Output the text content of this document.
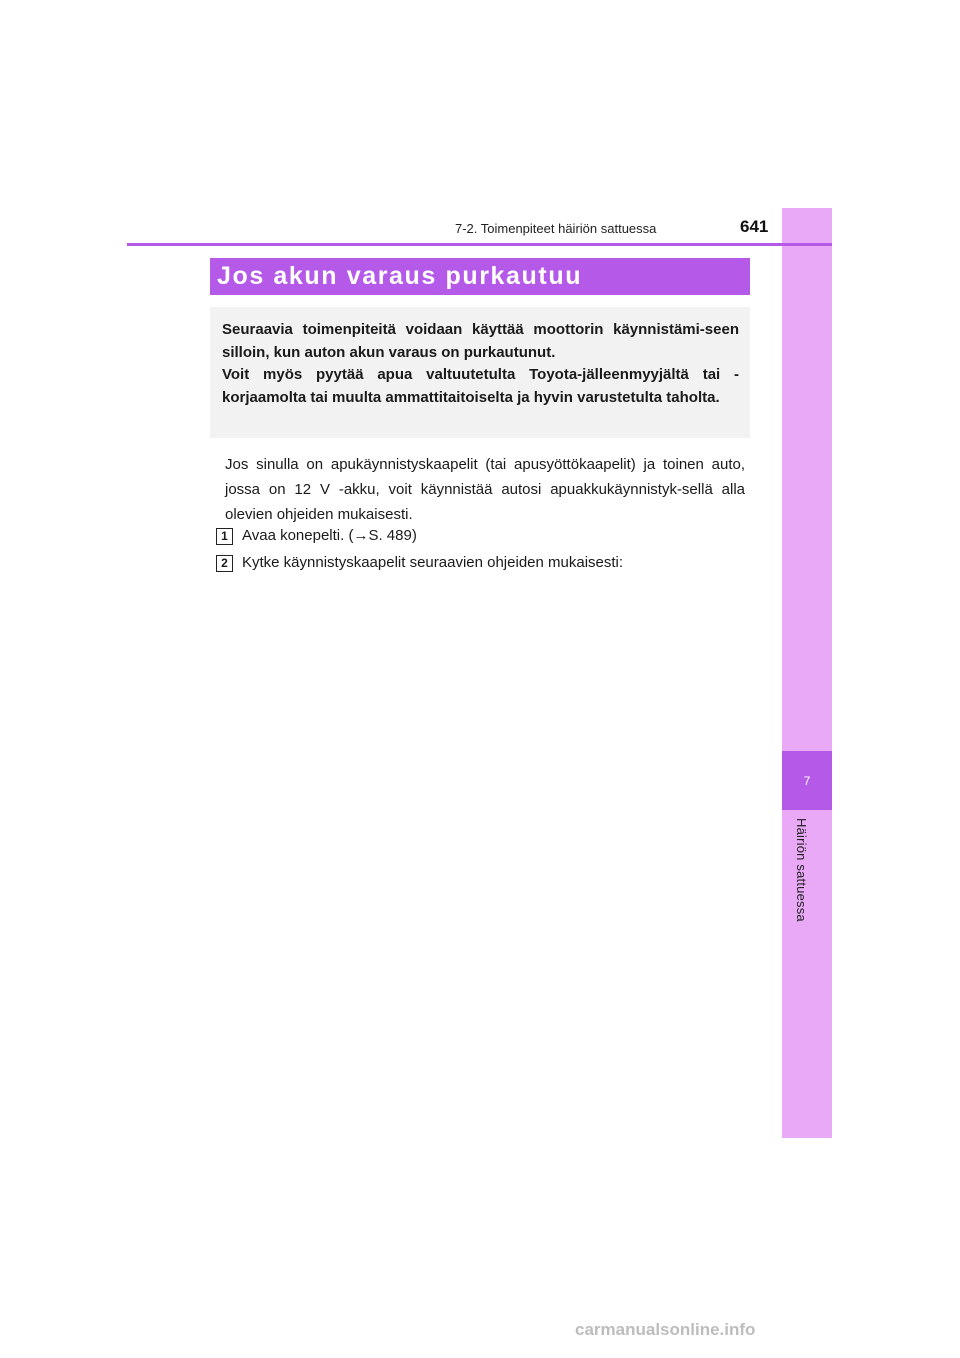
7
Häiriön sattuessa
7-2. Toimenpiteet häiriön sattuessa	641
Jos akun varaus purkautuu

Seuraavia toimenpiteitä voidaan käyttää moottorin käynnistämi-seen silloin, kun auton akun varaus on purkautunut.

Voit myös pyytää apua valtuutetulta Toyota-jälleenmyyjältä tai -korjaamolta tai muulta ammattitaitoiselta ja hyvin varustetulta taholta.

Jos sinulla on apukäynnistyskaapelit (tai apusyöttökaapelit) ja toinen auto, jossa on 12 V -akku, voit käynnistää autosi apuakkukäynnistyk-sellä alla olevien ohjeiden mukaisesti.

1 Avaa konepelti. (→S. 489)
2 Kytke käynnistyskaapelit seuraavien ohjeiden mukaisesti:
carmanualsonline.info
